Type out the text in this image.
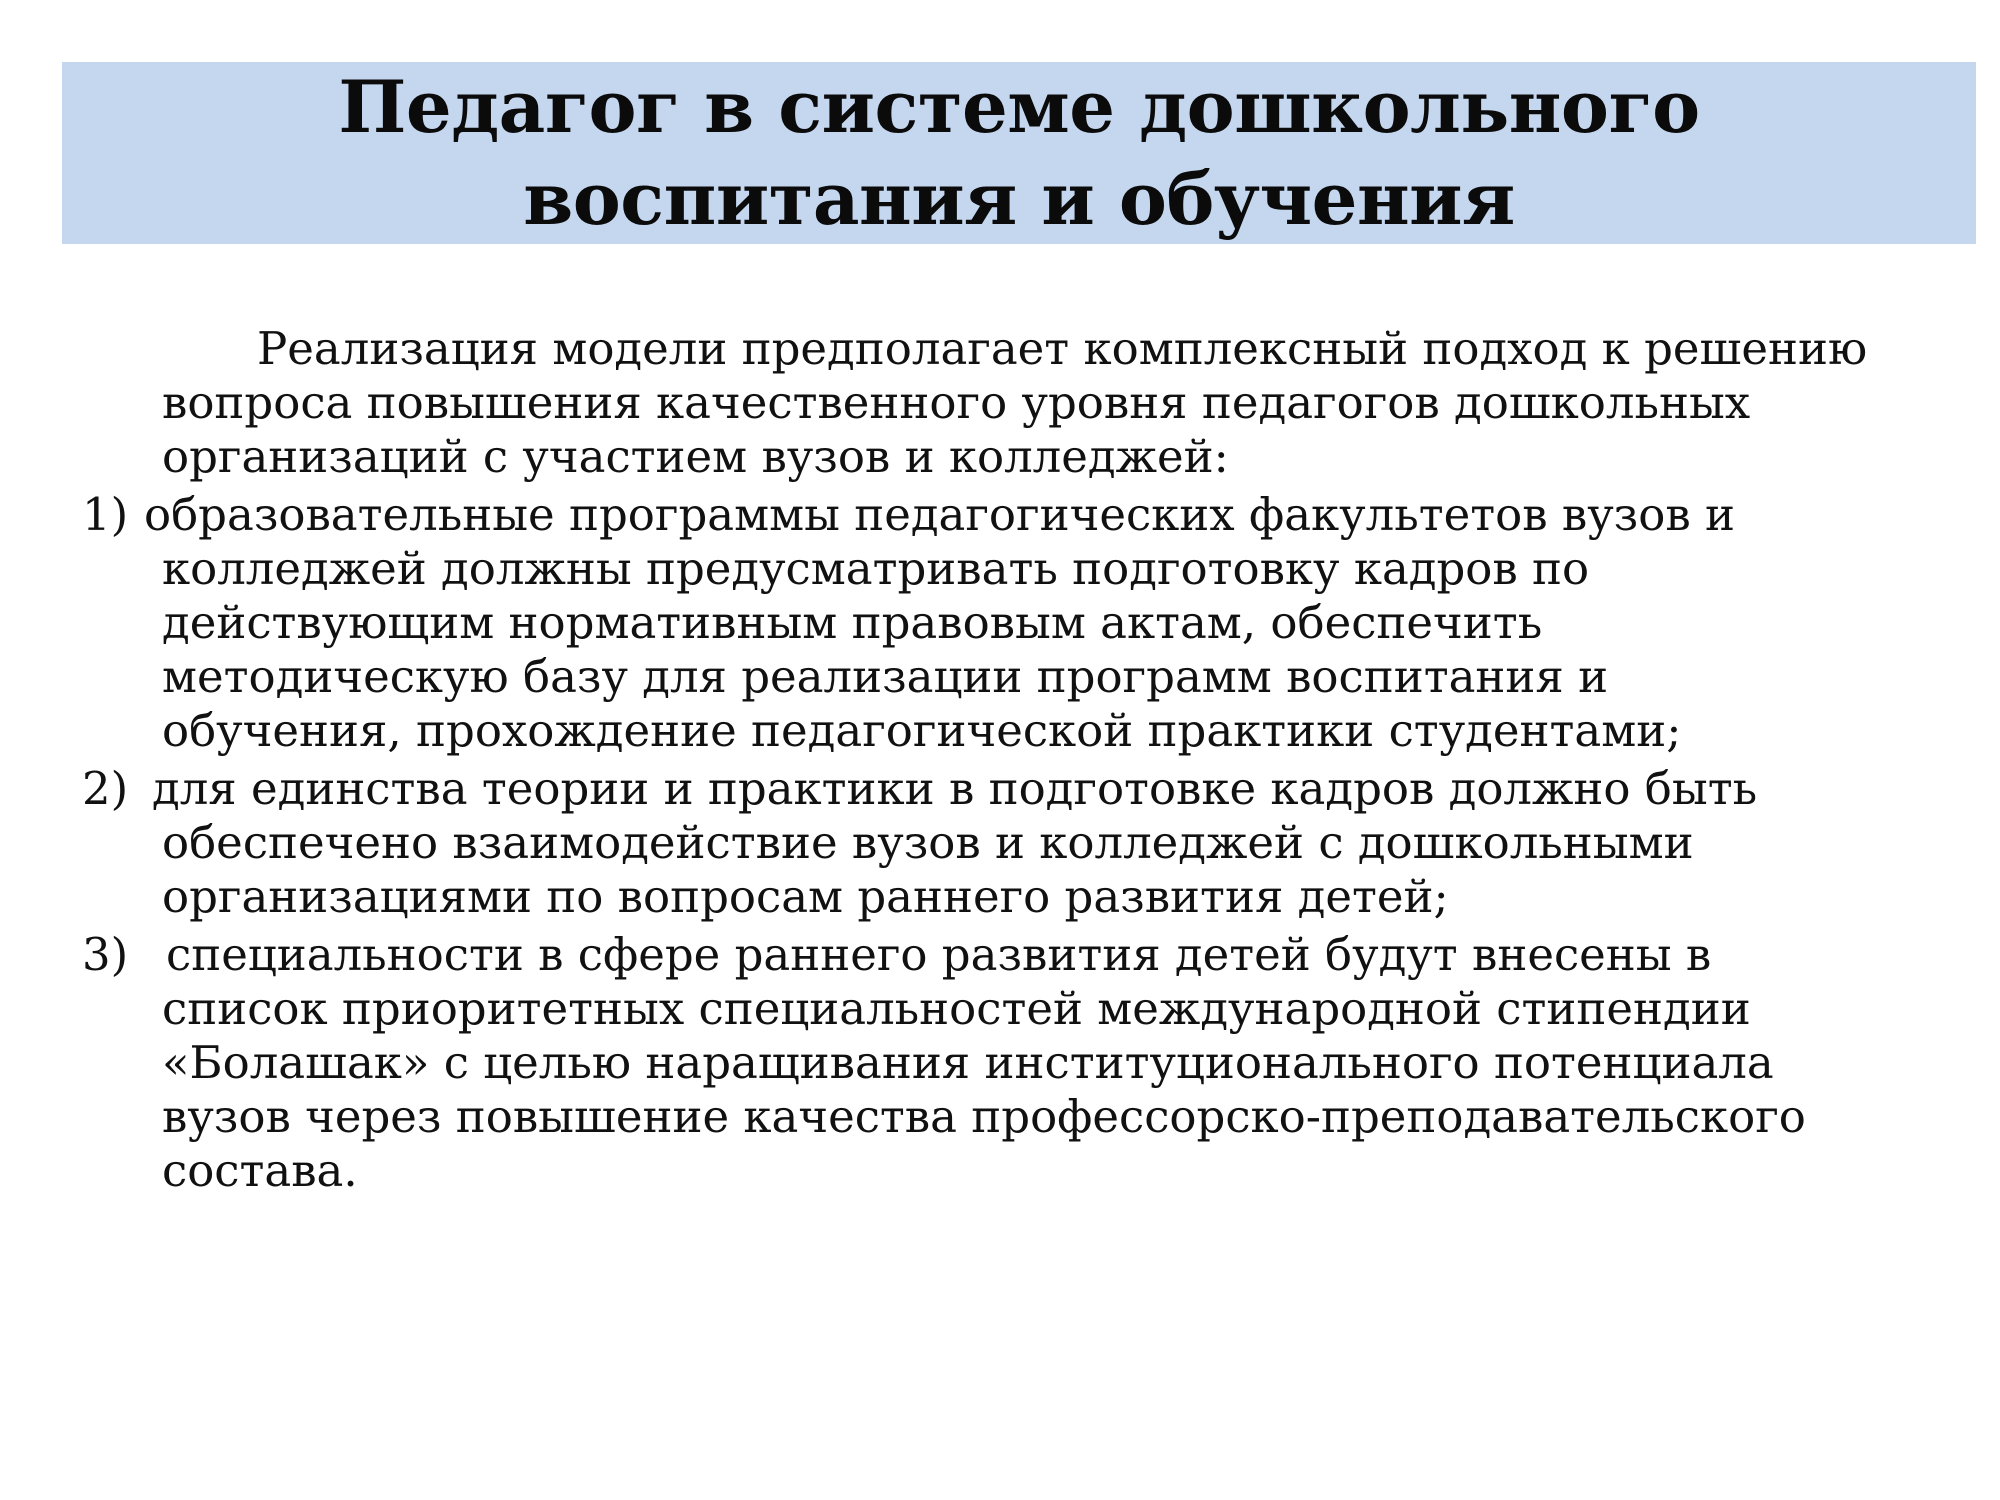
Педагог в системе дошкольного
воспитания и обучения
Реализация модели предполагает комплексный подход к решению
вопроса повышения качественного уровня педагогов дошкольных
организаций с участием вузов и колледжей:
1) образовательные программы педагогических факультетов вузов и
колледжей должны предусматривать подготовку кадров по
действующим нормативным правовым актам, обеспечить
методическую базу для реализации программ воспитания и
обучения, прохождение педагогической практики студентами;
2) для единства теории и практики в подготовке кадров должно быть
обеспечено взаимодействие вузов и колледжей с дошкольными
организациями по вопросам раннего развития детей;
3) специальности в сфере раннего развития детей будут внесены в
список приоритетных специальностей международной стипендии
«Болашак» с целью наращивания институционального потенциала
вузов через повышение качества профессорско-преподавательского
состава.
